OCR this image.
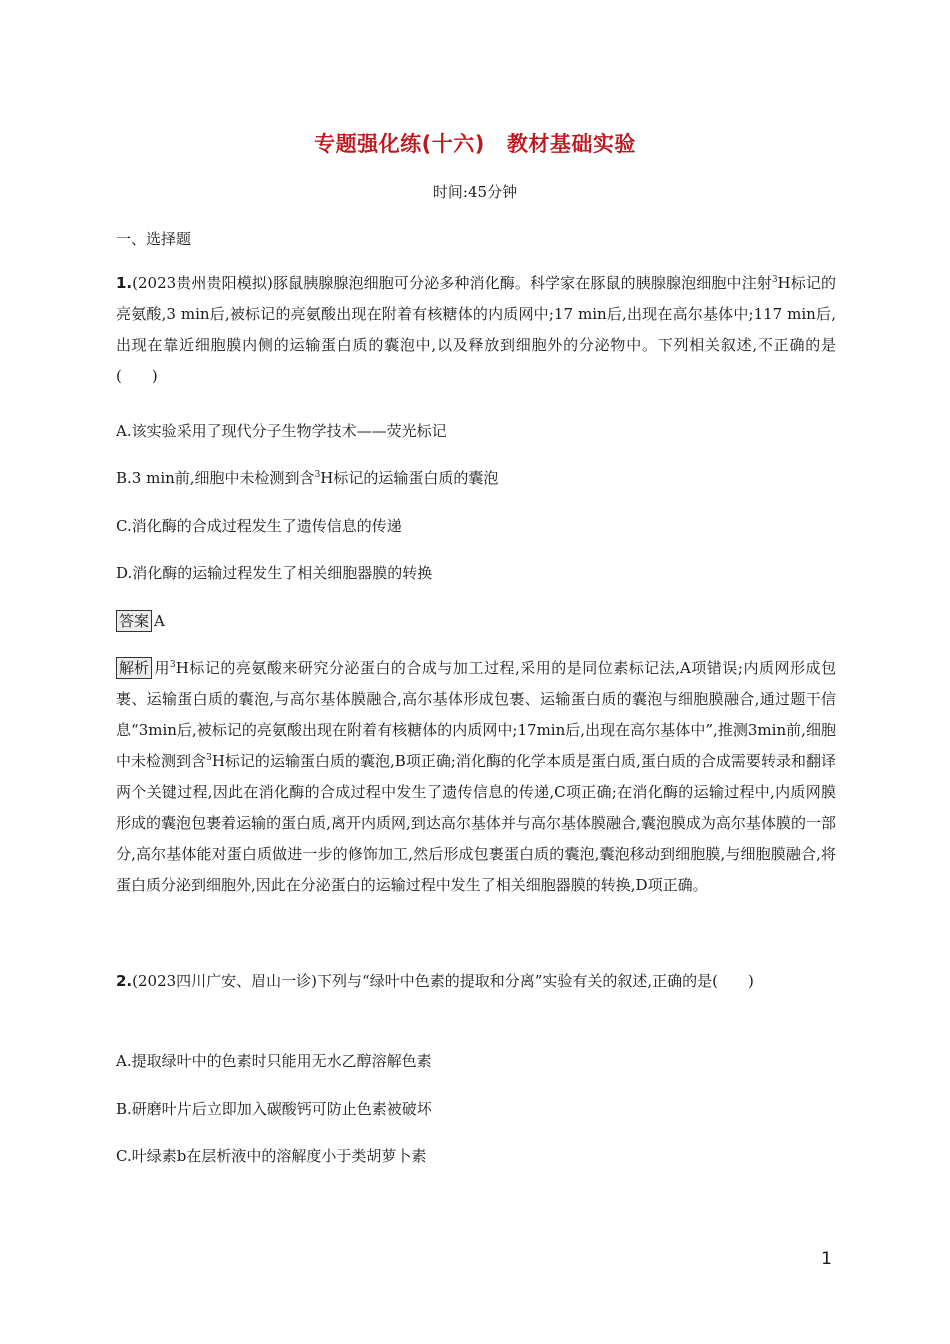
专题强化练(十六) 教材基础实验
时间:45分钟
一、选择题
1.(2023贵州贵阳模拟)豚鼠胰腺腺泡细胞可分泌多种消化酶。科学家在豚鼠的胰腺腺泡细胞中注射$^3$H标记的亮氨酸,3 min后,被标记的亮氨酸出现在附着有核糖体的内质网中;17 min后,出现在高尔基体中;117 min后,出现在靠近细胞膜内侧的运输蛋白质的囊泡中,以及释放到细胞外的分泌物中。下列相关叙述,不正确的是(　　)
A.该实验采用了现代分子生物学技术——荧光标记
B.3 min前,细胞中未检测到含$^3$H标记的运输蛋白质的囊泡
C.消化酶的合成过程发生了遗传信息的传递
D.消化酶的运输过程发生了相关细胞器膜的转换
答案 A
解析 用$^3$H标记的亮氨酸来研究分泌蛋白的合成与加工过程,采用的是同位素标记法,A项错误;内质网形成包裹、运输蛋白质的囊泡,与高尔基体膜融合,高尔基体形成包裹、运输蛋白质的囊泡与细胞膜融合,通过题干信息“3min后,被标记的亮氨酸出现在附着有核糖体的内质网中;17min后,出现在高尔基体中”,推测3min前,细胞中未检测到含$^3$H标记的运输蛋白质的囊泡,B项正确;消化酶的化学本质是蛋白质,蛋白质的合成需要转录和翻译两个关键过程,因此在消化酶的合成过程中发生了遗传信息的传递,C项正确;在消化酶的运输过程中,内质网膜形成的囊泡包裹着运输的蛋白质,离开内质网,到达高尔基体并与高尔基体膜融合,囊泡膜成为高尔基体膜的一部分,高尔基体能对蛋白质做进一步的修饰加工,然后形成包裹蛋白质的囊泡,囊泡移动到细胞膜,与细胞膜融合,将蛋白质分泌到细胞外,因此在分泌蛋白的运输过程中发生了相关细胞器膜的转换,D项正确。
2.(2023四川广安、眉山一诊)下列与“绿叶中色素的提取和分离”实验有关的叙述,正确的是(　　)
A.提取绿叶中的色素时只能用无水乙醇溶解色素
B.研磨叶片后立即加入碳酸钙可防止色素被破坏
C.叶绿素b在层析液中的溶解度小于类胡萝卜素
1
